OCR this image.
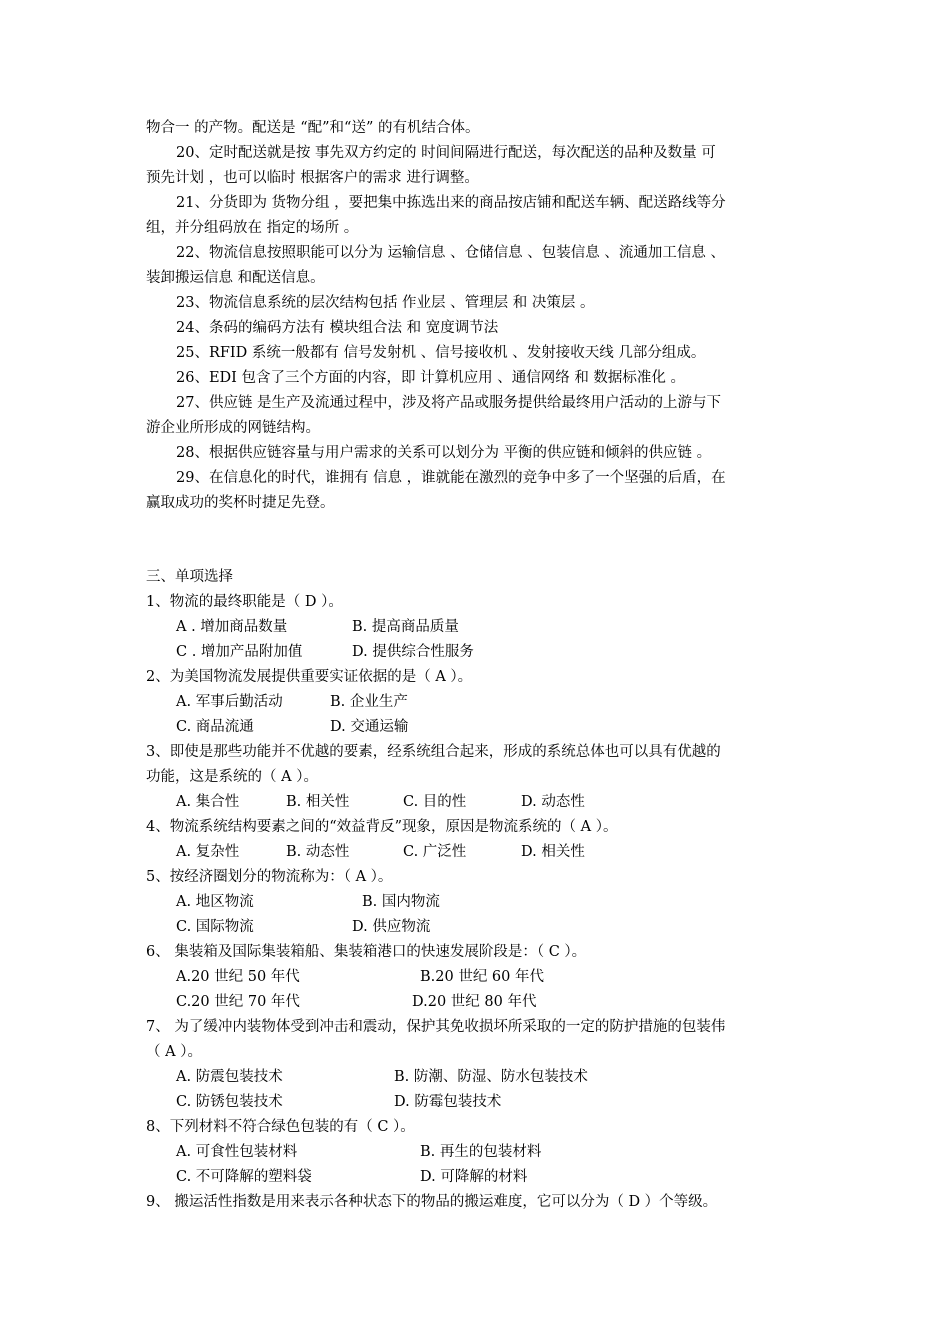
物合一 的产物。配送是 “配”和“送” 的有机结合体。
20、定时配送就是按 事先双方约定的 时间间隔进行配送，每次配送的品种及数量 可
预先计划 ，也可以临时 根据客户的需求 进行调整。
21、分货即为 货物分组 ，要把集中拣选出来的商品按店铺和配送车辆、配送路线等分
组，并分组码放在 指定的场所 。
22、物流信息按照职能可以分为 运输信息 、仓储信息 、包装信息 、流通加工信息 、
装卸搬运信息 和配送信息。
23、物流信息系统的层次结构包括 作业层 、管理层 和 决策层 。
24、条码的编码方法有 模块组合法 和 宽度调节法
25、RFID 系统一般都有 信号发射机 、信号接收机 、发射接收天线 几部分组成。
26、EDI 包含了三个方面的内容，即 计算机应用 、通信网络 和 数据标准化 。
27、供应链 是生产及流通过程中，涉及将产品或服务提供给最终用户活动的上游与下
游企业所形成的网链结构。
28、根据供应链容量与用户需求的关系可以划分为 平衡的供应链和倾斜的供应链 。
29、在信息化的时代，谁拥有 信息 ，谁就能在激烈的竞争中多了一个坚强的后盾，在
赢取成功的奖杯时捷足先登。
三、单项选择
1、物流的最终职能是（ D ）。
A . 增加商品数量	B. 提高商品质量
C . 增加产品附加值	D. 提供综合性服务
2、为美国物流发展提供重要实证依据的是（ A ）。
A. 军事后勤活动	B. 企业生产
C. 商品流通	D. 交通运输
3、即使是那些功能并不优越的要素，经系统组合起来，形成的系统总体也可以具有优越的
功能，这是系统的（ A ）。
A. 集合性	B. 相关性	C. 目的性	D. 动态性
4、物流系统结构要素之间的“效益背反”现象，原因是物流系统的（ A ）。
A. 复杂性	B. 动态性	C. 广泛性	D. 相关性
5、按经济圈划分的物流称为：（ A ）。
A. 地区物流	B. 国内物流
C. 国际物流	D. 供应物流
6、 集装箱及国际集装箱船、集装箱港口的快速发展阶段是：（ C ）。
A.20 世纪 50 年代	B.20 世纪 60 年代
C.20 世纪 70 年代	D.20 世纪 80 年代
7、 为了缓冲内装物体受到冲击和震动，保护其免收损坏所采取的一定的防护措施的包装伟
（ A ）。
A. 防震包装技术	B. 防潮、防湿、防水包装技术
C. 防锈包装技术	D. 防霉包装技术
8、下列材料不符合绿色包装的有（ C ）。
A. 可食性包装材料	B. 再生的包装材料
C. 不可降解的塑料袋	D. 可降解的材料
9、 搬运活性指数是用来表示各种状态下的物品的搬运难度，它可以分为（ D ）个等级。
